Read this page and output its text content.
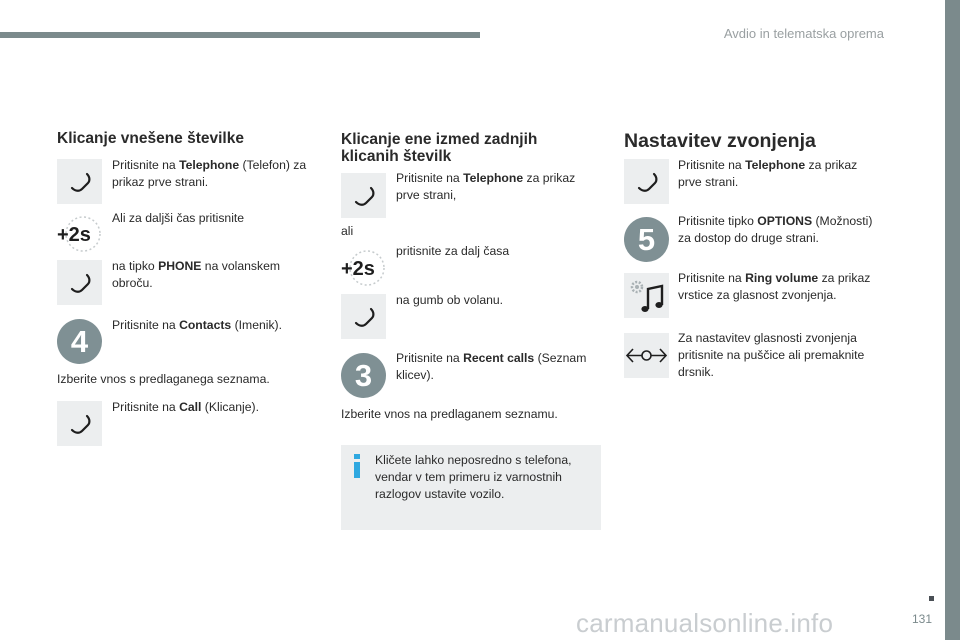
Avdio in telematska oprema
131
carmanualsonline.info
Klicanje vnešene številke
Pritisnite na Telephone (Telefon) za prikaz prve strani.
+2s
Ali za daljši čas pritisnite
na tipko PHONE na volanskem obroču.
4	Pritisnite na Contacts (Imenik).
Izberite vnos s predlaganega seznama.
Pritisnite na Call (Klicanje).
Klicanje ene izmed zadnjih klicanih številk
Pritisnite na Telephone za prikaz prve strani,
ali
+2s
pritisnite za dalj časa
na gumb ob volanu.
3	Pritisnite na Recent calls (Seznam klicev).
Izberite vnos na predlaganem seznamu.
Kličete lahko neposredno s telefona, vendar v tem primeru iz varnostnih razlogov ustavite vozilo.
Nastavitev zvonjenja
Pritisnite na Telephone za prikaz prve strani.
5
Pritisnite tipko OPTIONS (Možnosti) za dostop do druge strani.
Pritisnite na Ring volume za prikaz vrstice za glasnost zvonjenja.
Za nastavitev glasnosti zvonjenja pritisnite na puščice ali premaknite drsnik.
